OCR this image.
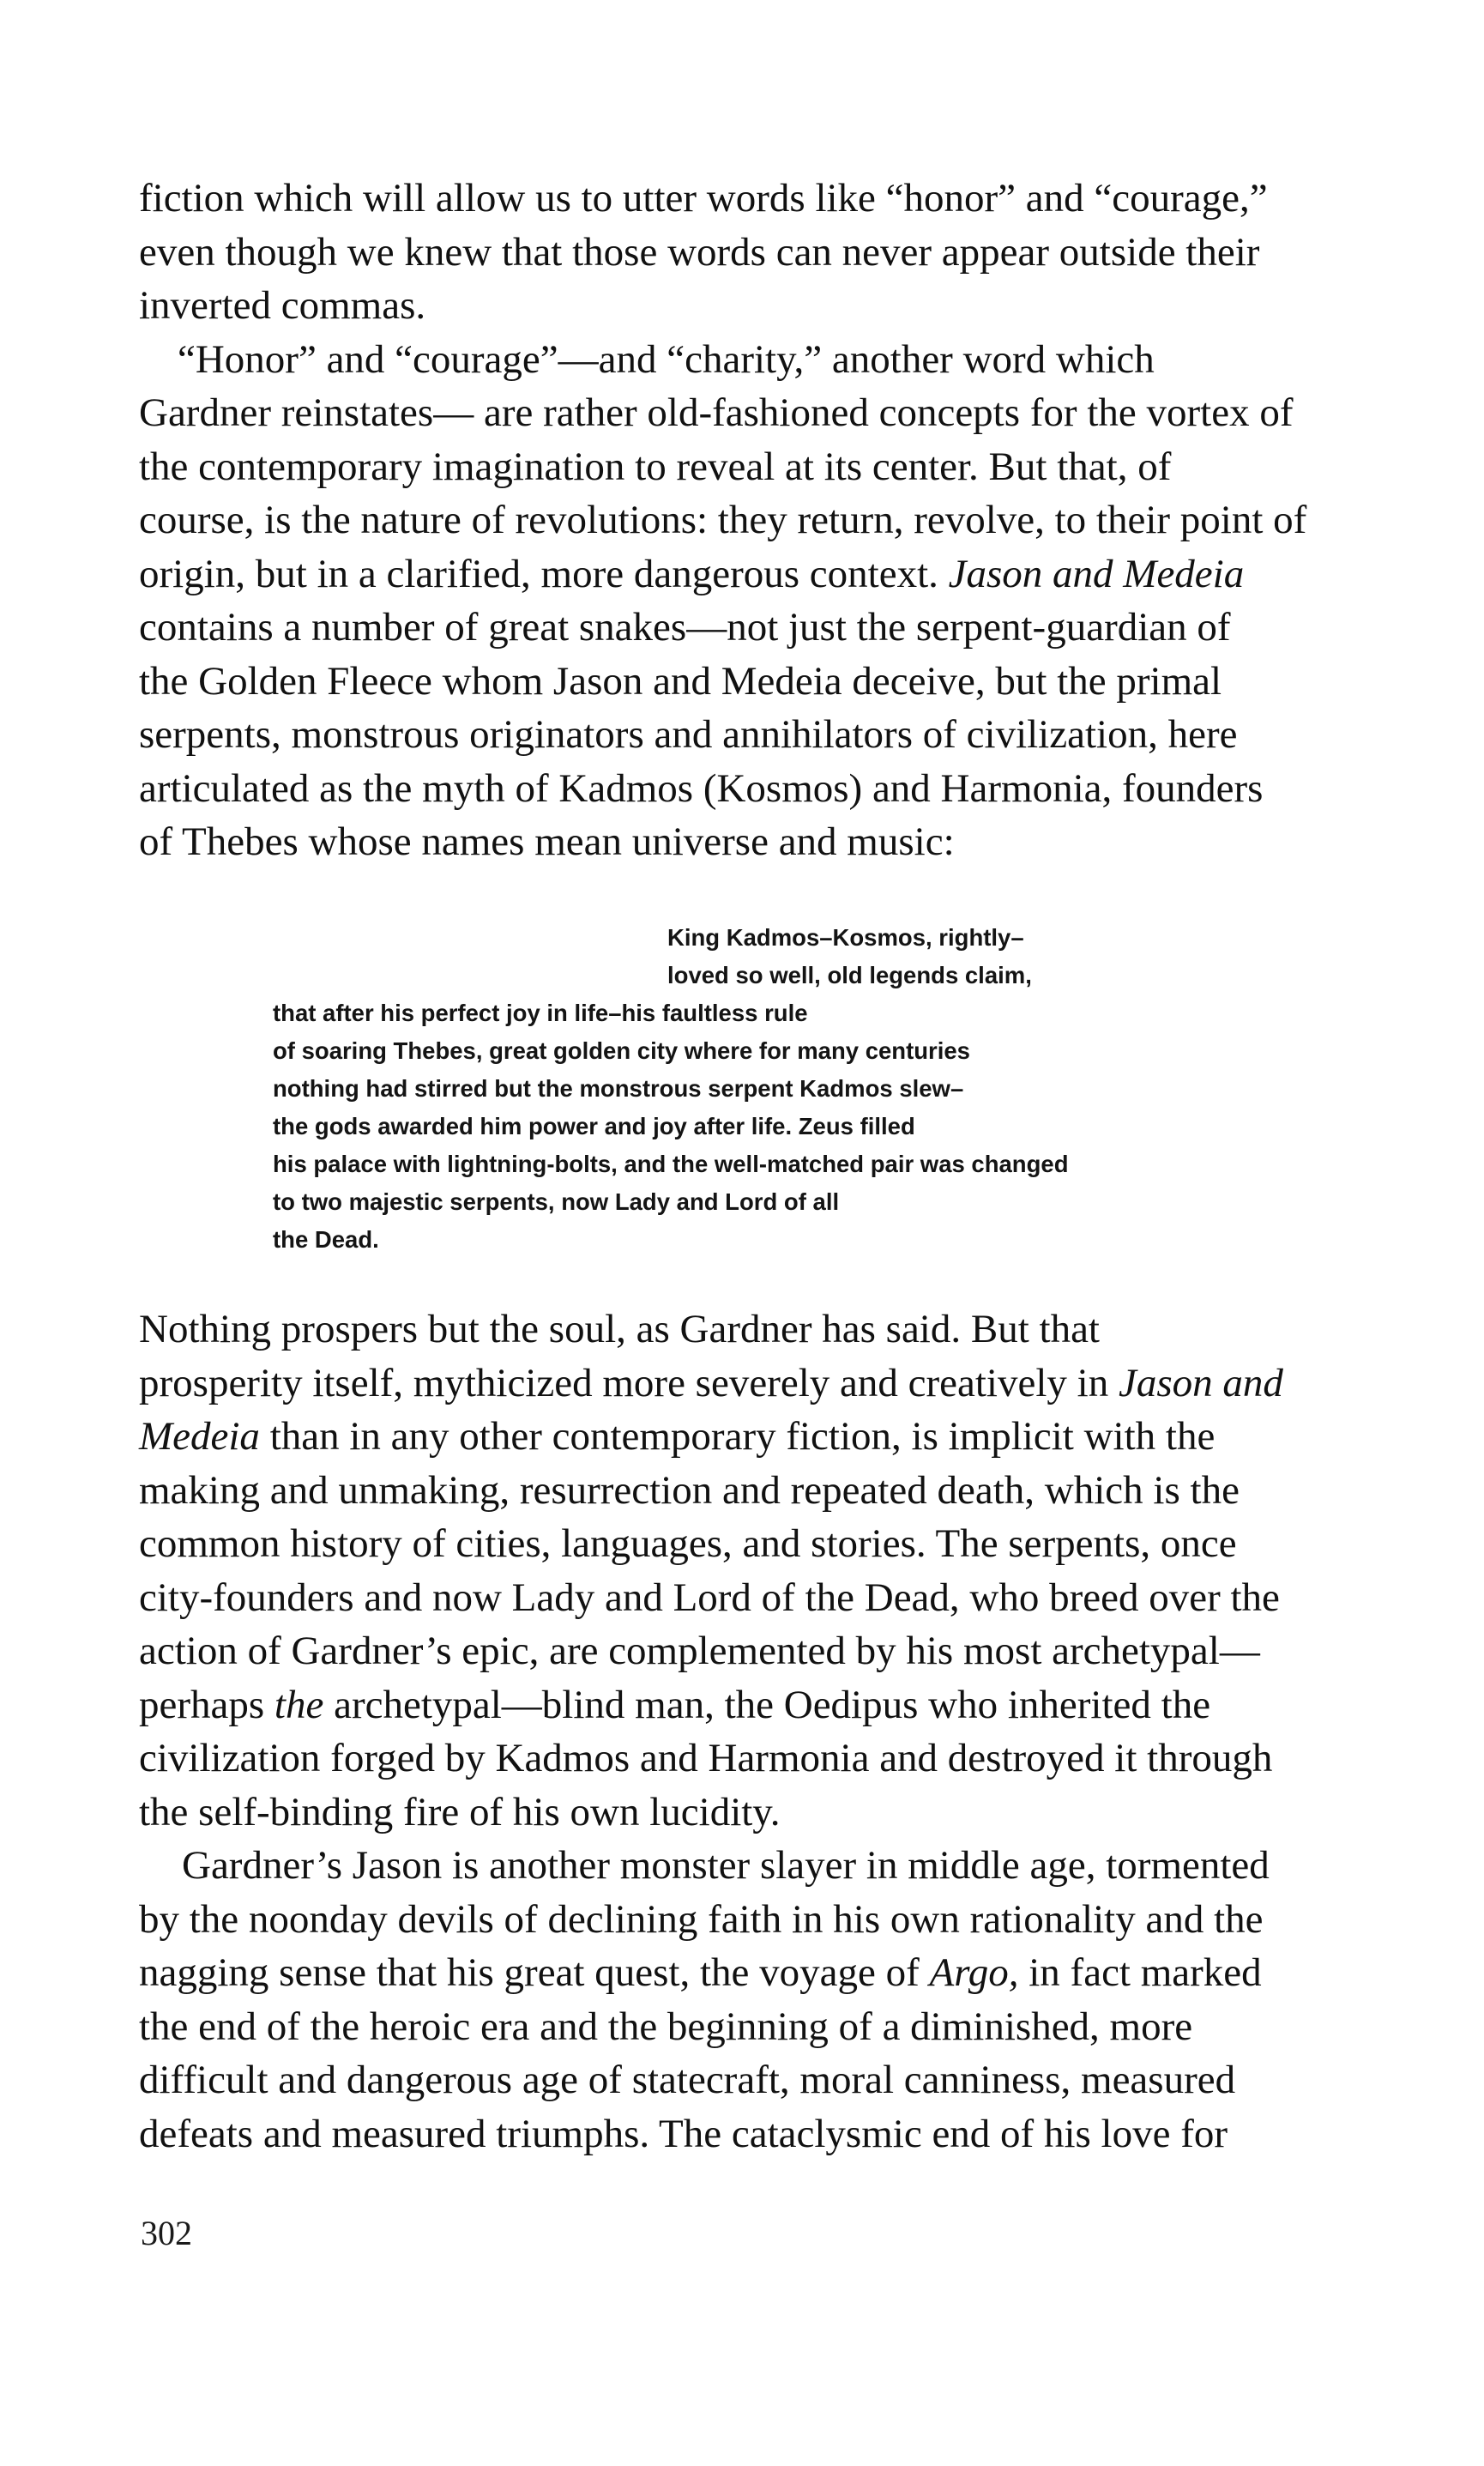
fiction which will allow us to utter words like “honor” and “courage,”
even though we knew that those words can never appear outside their
inverted commas.
“Honor” and “courage”—and “charity,” another word which
Gardner reinstates— are rather old-fashioned concepts for the vortex of
the contemporary imagination to reveal at its center. But that, of
course, is the nature of revolutions: they return, revolve, to their point of
origin, but in a clarified, more dangerous context. Jason and Medeia
contains a number of great snakes—not just the serpent-guardian of
the Golden Fleece whom Jason and Medeia deceive, but the primal
serpents, monstrous originators and annihilators of civilization, here
articulated as the myth of Kadmos (Kosmos) and Harmonia, founders
of Thebes whose names mean universe and music:
King Kadmos–Kosmos, rightly–
loved so well, old legends claim,
that after his perfect joy in life–his faultless rule
of soaring Thebes, great golden city where for many centuries
nothing had stirred but the monstrous serpent Kadmos slew–
the gods awarded him power and joy after life. Zeus filled
his palace with lightning-bolts, and the well-matched pair was changed
to two majestic serpents, now Lady and Lord of all
the Dead.
Nothing prospers but the soul, as Gardner has said. But that
prosperity itself, mythicized more severely and creatively in Jason and
Medeia than in any other contemporary fiction, is implicit with the
making and unmaking, resurrection and repeated death, which is the
common history of cities, languages, and stories. The serpents, once
city-founders and now Lady and Lord of the Dead, who breed over the
action of Gardner’s epic, are complemented by his most archetypal—
perhaps the archetypal—blind man, the Oedipus who inherited the
civilization forged by Kadmos and Harmonia and destroyed it through
the self-binding fire of his own lucidity.
Gardner’s Jason is another monster slayer in middle age, tormented
by the noonday devils of declining faith in his own rationality and the
nagging sense that his great quest, the voyage of Argo, in fact marked
the end of the heroic era and the beginning of a diminished, more
difficult and dangerous age of statecraft, moral canniness, measured
defeats and measured triumphs. The cataclysmic end of his love for
302
